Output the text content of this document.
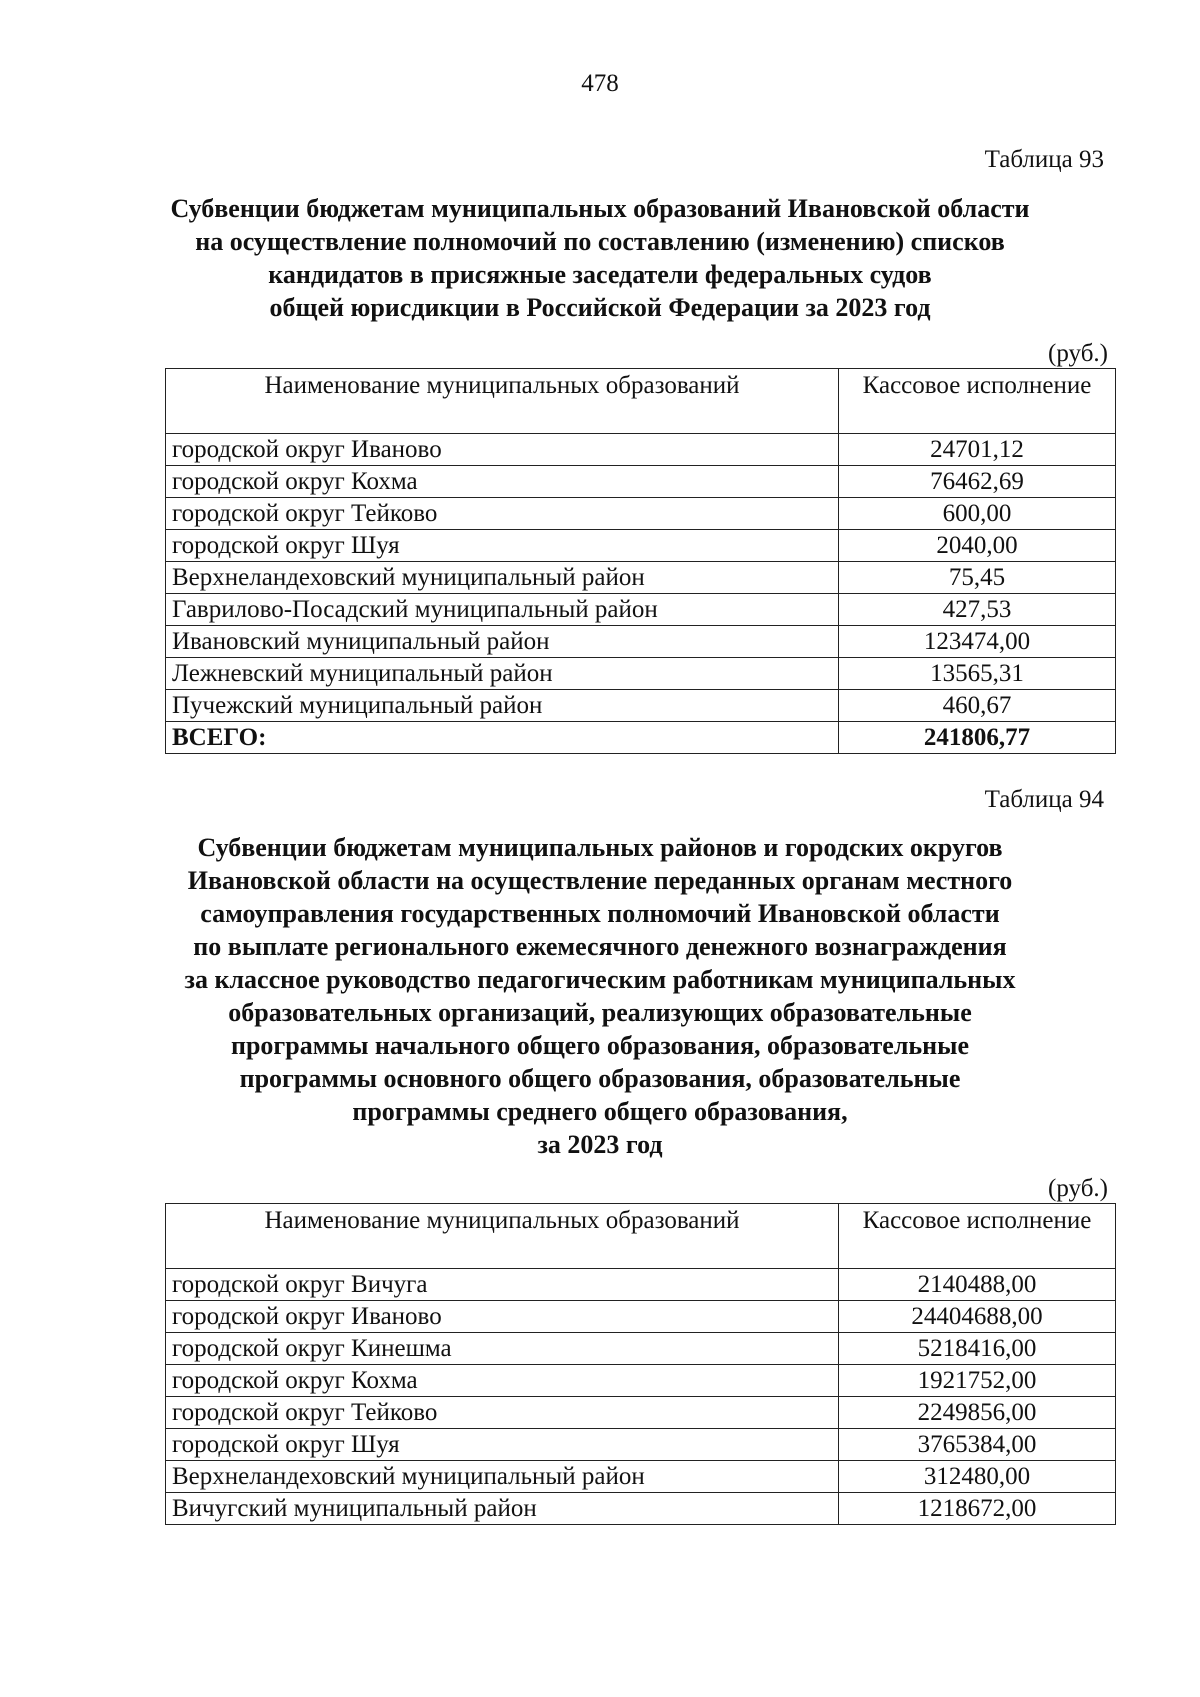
478
Таблица 93
Субвенции бюджетам муниципальных образований Ивановской области
на осуществление полномочий по составлению (изменению) списков
кандидатов в присяжные заседатели федеральных судов
общей юрисдикции в Российской Федерации за 2023 год
(руб.)
Наименование муниципальных образований	Кассовое исполнение
городской округ Иваново	24701,12
городской округ Кохма	76462,69
городской округ Тейково	600,00
городской округ Шуя	2040,00
Верхнеландеховский муниципальный район	75,45
Гаврилово-Посадский муниципальный район	427,53
Ивановский муниципальный район	123474,00
Лежневский муниципальный район	13565,31
Пучежский муниципальный район	460,67
ВСЕГО:	241806,77
Таблица 94
Субвенции бюджетам муниципальных районов и городских округов
Ивановской области на осуществление переданных органам местного
самоуправления государственных полномочий Ивановской области
по выплате регионального ежемесячного денежного вознаграждения
за классное руководство педагогическим работникам муниципальных
образовательных организаций, реализующих образовательные
программы начального общего образования, образовательные
программы основного общего образования, образовательные
программы среднего общего образования,
за 2023 год
(руб.)
Наименование муниципальных образований	Кассовое исполнение
городской округ Вичуга	2140488,00
городской округ Иваново	24404688,00
городской округ Кинешма	5218416,00
городской округ Кохма	1921752,00
городской округ Тейково	2249856,00
городской округ Шуя	3765384,00
Верхнеландеховский муниципальный район	312480,00
Вичугский муниципальный район	1218672,00
